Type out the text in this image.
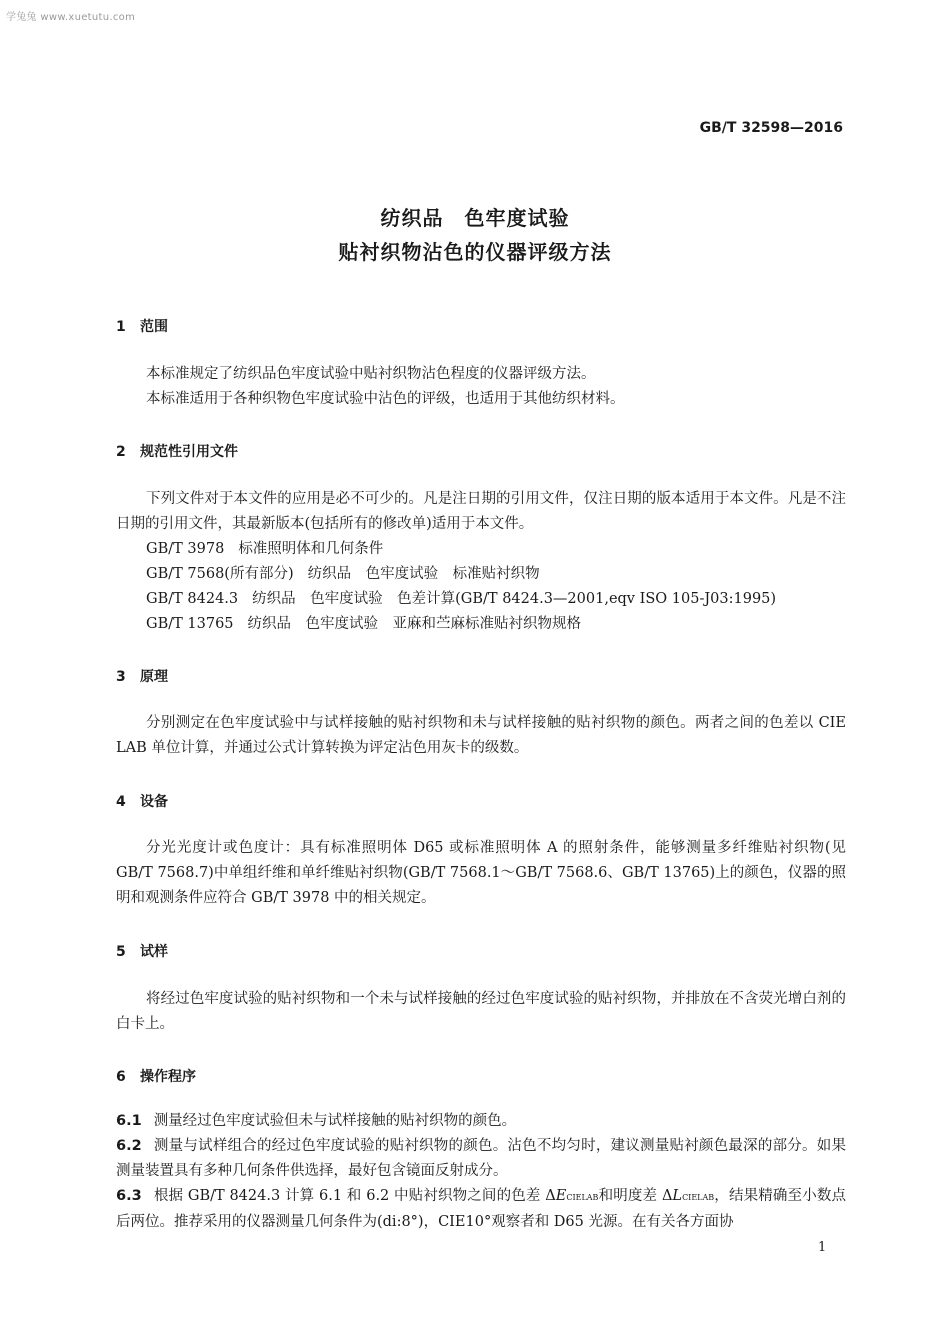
学兔兔 www.xuetutu.com
GB/T 32598—2016
纺织品　色牢度试验
贴衬织物沾色的仪器评级方法
1 范围

本标准规定了纺织品色牢度试验中贴衬织物沾色程度的仪器评级方法。

本标准适用于各种织物色牢度试验中沾色的评级，也适用于其他纺织材料。

2 规范性引用文件

下列文件对于本文件的应用是必不可少的。凡是注日期的引用文件，仅注日期的版本适用于本文件。凡是不注日期的引用文件，其最新版本(包括所有的修改单)适用于本文件。

GB/T 3978 标准照明体和几何条件
GB/T 7568(所有部分) 纺织品　色牢度试验　标准贴衬织物
GB/T 8424.3 纺织品　色牢度试验　色差计算(GB/T 8424.3—2001,eqv ISO 105-J03:1995)
GB/T 13765 纺织品　色牢度试验　亚麻和苎麻标准贴衬织物规格
3 原理

分别测定在色牢度试验中与试样接触的贴衬织物和未与试样接触的贴衬织物的颜色。两者之间的色差以 CIE LAB 单位计算，并通过公式计算转换为评定沾色用灰卡的级数。

4 设备

分光光度计或色度计：具有标准照明体 D65 或标准照明体 A 的照射条件，能够测量多纤维贴衬织物(见 GB/T 7568.7)中单组纤维和单纤维贴衬织物(GB/T 7568.1～GB/T 7568.6、GB/T 13765)上的颜色，仪器的照明和观测条件应符合 GB/T 3978 中的相关规定。

5 试样

将经过色牢度试验的贴衬织物和一个未与试样接触的经过色牢度试验的贴衬织物，并排放在不含荧光增白剂的白卡上。

6 操作程序
6.1 测量经过色牢度试验但未与试样接触的贴衬织物的颜色。
6.2 测量与试样组合的经过色牢度试验的贴衬织物的颜色。沾色不均匀时，建议测量贴衬颜色最深的部分。如果测量装置具有多种几何条件供选择，最好包含镜面反射成分。
6.3 根据 GB/T 8424.3 计算 6.1 和 6.2 中贴衬织物之间的色差 ΔECIELAB和明度差 ΔLCIELAB，结果精确至小数点后两位。推荐采用的仪器测量几何条件为(di:8°)，CIE10°观察者和 D65 光源。在有关各方面协
1
